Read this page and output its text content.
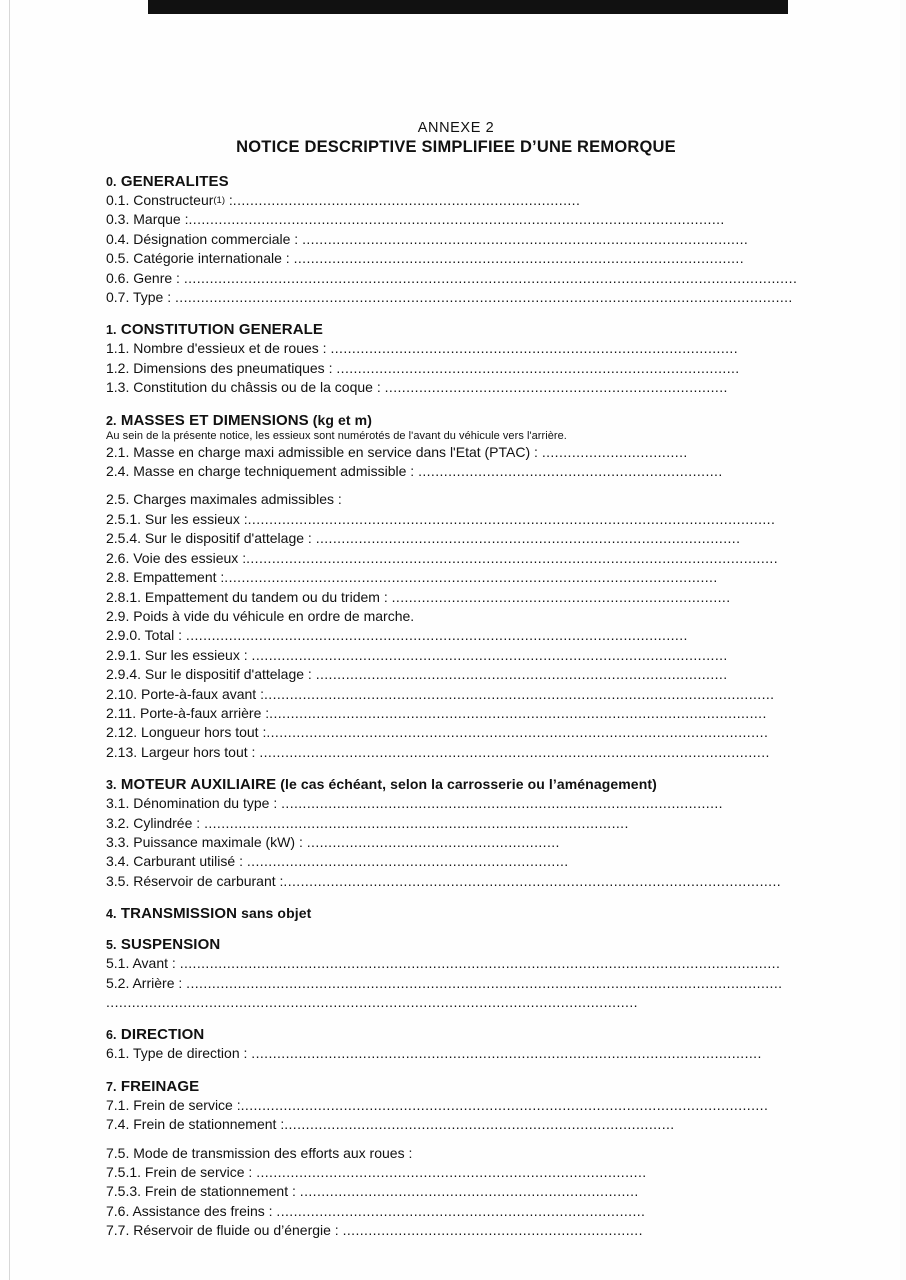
ANNEXE 2
NOTICE DESCRIPTIVE SIMPLIFIEE D’UNE REMORQUE
0. GENERALITES
0.1. Constructeur$^{(1)}$ :.................................................................................
0.3. Marque :.............................................................................................................................
0.4. Désignation commerciale : ........................................................................................................
0.5. Catégorie internationale : .........................................................................................................
0.6. Genre : ...............................................................................................................................................
0.7. Type : ................................................................................................................................................
1. CONSTITUTION GENERALE
1.1. Nombre d'essieux et de roues : ...............................................................................................
1.2. Dimensions des pneumatiques : ..............................................................................................
1.3. Constitution du châssis ou de la coque : ................................................................................
2. MASSES ET DIMENSIONS (kg et m)
Au sein de la présente notice, les essieux sont numérotés de l'avant du véhicule vers l'arrière.
2.1. Masse en charge maxi admissible en service dans l'Etat (PTAC) : ..................................
2.4. Masse en charge techniquement admissible : .......................................................................
2.5. Charges maximales admissibles :
2.5.1. Sur les essieux :...........................................................................................................................
2.5.4. Sur le dispositif d'attelage : ...................................................................................................
2.6. Voie des essieux :............................................................................................................................
2.8. Empattement :...................................................................................................................
2.8.1. Empattement du tandem ou du tridem : ...............................................................................
2.9. Poids à vide du véhicule en ordre de marche.
2.9.0. Total : .....................................................................................................................
2.9.1. Sur les essieux : ...............................................................................................................
2.9.4. Sur le dispositif d'attelage : ................................................................................................
2.10. Porte-à-faux avant :.......................................................................................................................
2.11. Porte-à-faux arrière :....................................................................................................................
2.12. Longueur hors tout :.....................................................................................................................
2.13. Largeur hors tout : .......................................................................................................................
3. MOTEUR AUXILIAIRE (le cas échéant, selon la carrosserie ou l’aménagement)
3.1. Dénomination du type : .......................................................................................................
3.2. Cylindrée : ...................................................................................................
3.3. Puissance maximale (kW) : ...........................................................
3.4. Carburant utilisé : ...........................................................................
3.5. Réservoir de carburant :....................................................................................................................
4. TRANSMISSION sans objet
5. SUSPENSION
5.1. Avant : ............................................................................................................................................
5.2. Arrière : ...........................................................................................................................................
............................................................................................................................
6. DIRECTION
6.1. Type de direction : .......................................................................................................................
7. FREINAGE
7.1. Frein de service :...........................................................................................................................
7.4. Frein de stationnement :...........................................................................................
7.5. Mode de transmission des efforts aux roues :
7.5.1. Frein de service : ...........................................................................................
7.5.3. Frein de stationnement : ...............................................................................
7.6. Assistance des freins : ......................................................................................
7.7. Réservoir de fluide ou d’énergie : ......................................................................
